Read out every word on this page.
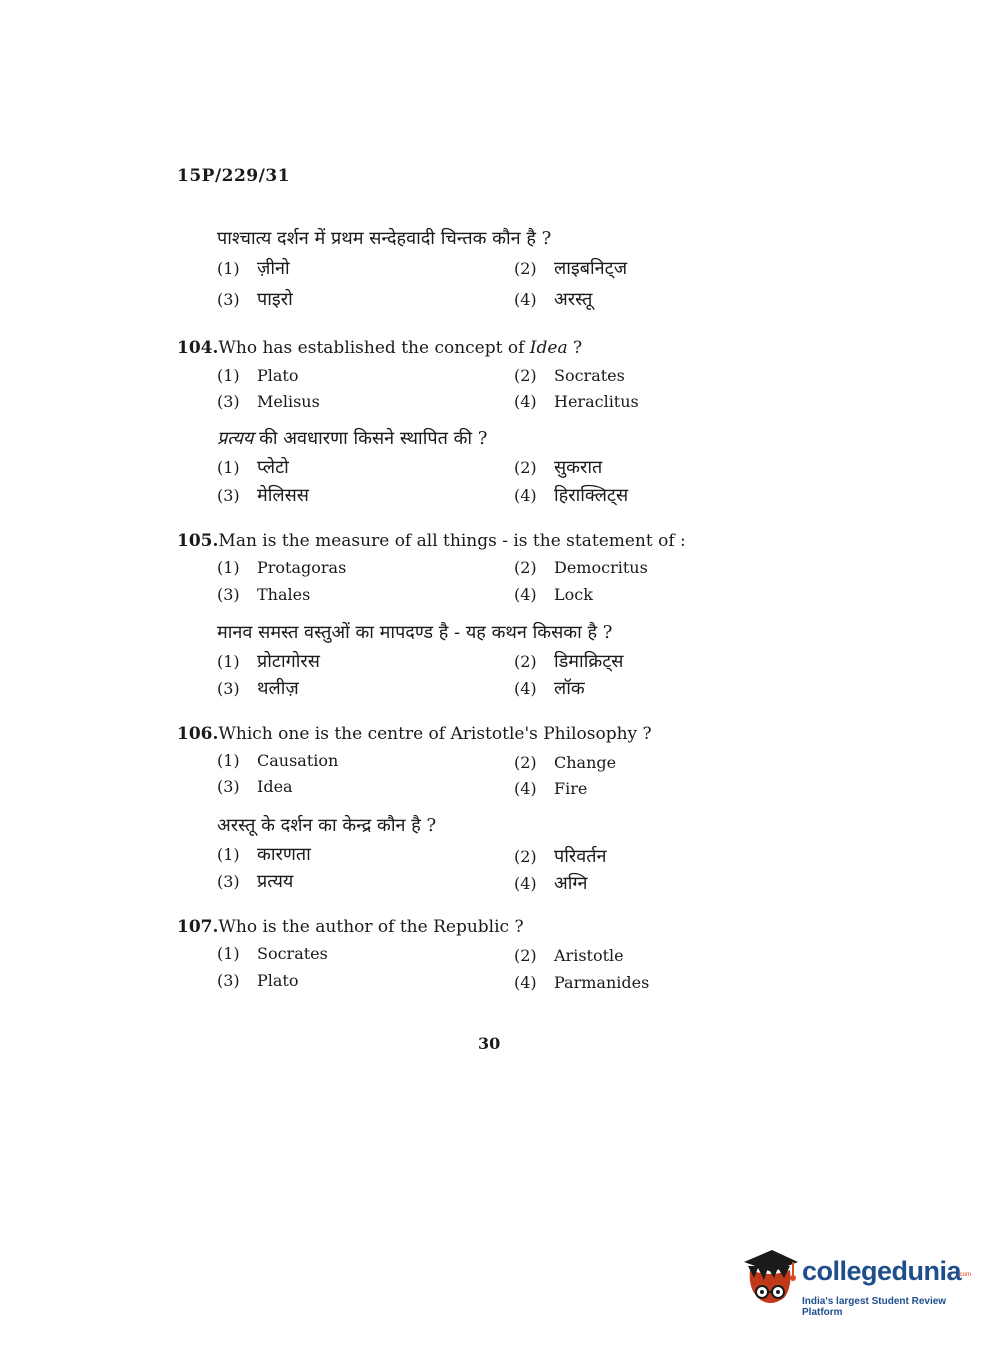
15P/229/31
पाश्चात्य दर्शन में प्रथम सन्देहवादी चिन्तक कौन है ?
(1) ज़ीनो	(2) लाइबनिट्ज
(3) पाइरो	(4) अरस्तू
104.Who has established the concept of Idea ?
(1) Plato	(2) Socrates
(3) Melisus	(4) Heraclitus
प्रत्यय की अवधारणा किसने स्थापित की ?
(1) प्लेटो	(2) सुकरात
(3) मेलिसस	(4) हिराक्लिट्स
105.Man is the measure of all things - is the statement of :
(1) Protagoras	(2) Democritus
(3) Thales	(4) Lock
मानव समस्त वस्तुओं का मापदण्ड है - यह कथन किसका है ?
(1) प्रोटागोरस	(2) डिमाक्रिट्स
(3) थलीज़	(4) लॉक
106.Which one is the centre of Aristotle's Philosophy ?
(1) Causation	(2) Change
(3) Idea	(4) Fire
अरस्तू के दर्शन का केन्द्र कौन है ?
(1) कारणता	(2) परिवर्तन
(3) प्रत्यय	(4) अग्नि
107.Who is the author of the Republic ?
(1) Socrates	(2) Aristotle
(3) Plato	(4) Parmanides
30
collegedunia
.com
India's largest Student Review Platform
